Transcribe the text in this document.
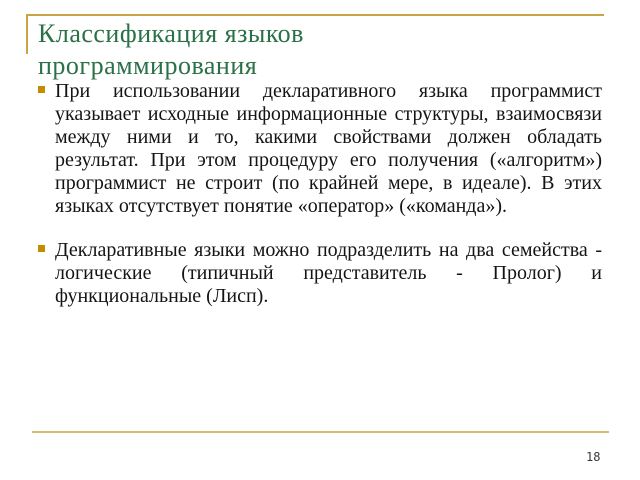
Классификация языков программирования
При использовании декларативного языка программист указывает исходные информационные структуры, взаимосвязи между ними и то, какими свойствами должен обладать результат. При этом процедуру его получения («алгоритм») программист не строит (по крайней мере, в идеале). В этих языках отсутствует понятие «оператор» («команда»).
Декларативные языки можно подразделить на два семейства - логические (типичный представитель - Пролог) и функциональные (Лисп).
18
